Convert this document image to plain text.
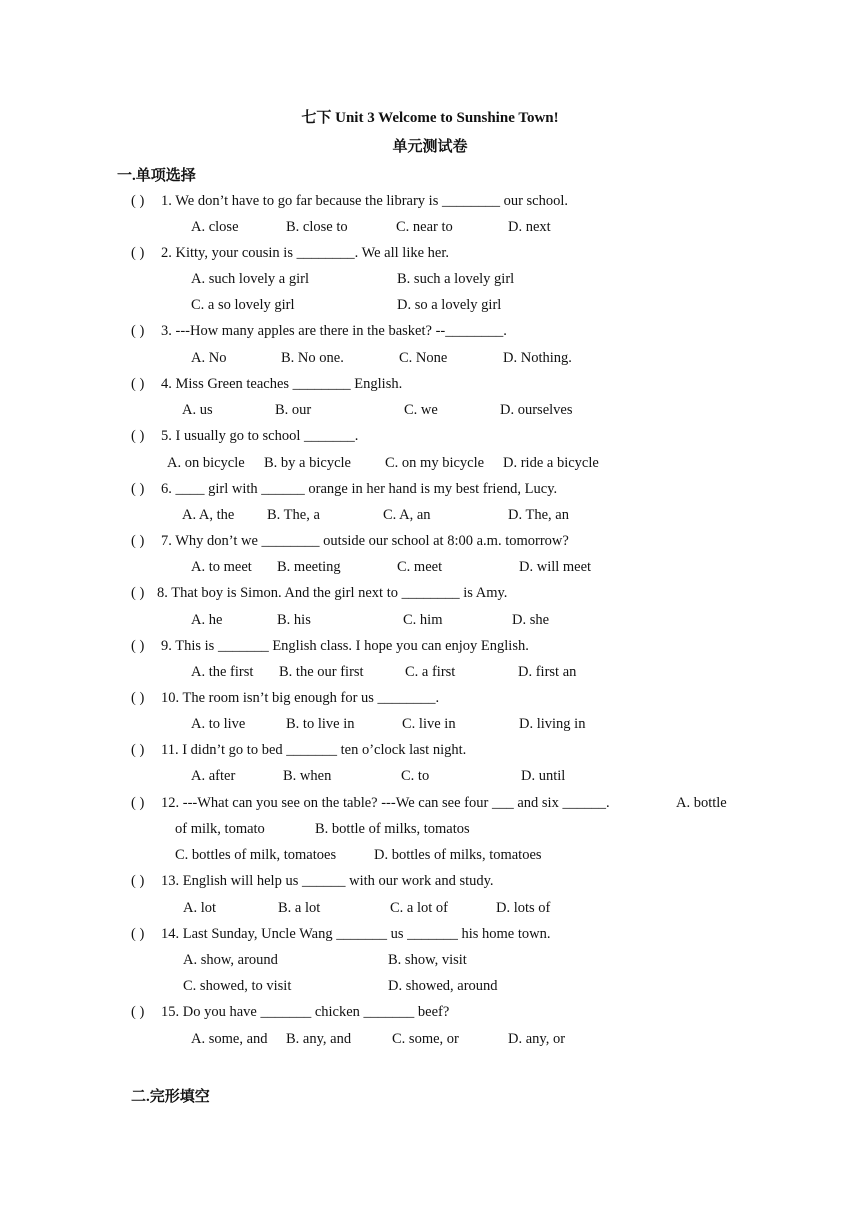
七下 Unit 3 Welcome to Sunshine Town!
单元测试卷
一.单项选择
( ) 1. We don’t have to go far because the library is ________ our school.
A. close	B. close to	C. near to	D. next
( ) 2. Kitty, your cousin is ________. We all like her.
A. such lovely a girl	B. such a lovely girl
C. a so lovely girl	D. so a lovely girl
( ) 3. ---How many apples are there in the basket? --________.
A. No	B. No one.	C. None	D. Nothing.
( ) 4. Miss Green teaches ________ English.
A. us	B. our	C. we	D. ourselves
( ) 5. I usually go to school _______.
A. on bicycle B. by a bicycle C. on my bicycle D. ride a bicycle
( ) 6. ____ girl with ______ orange in her hand is my best friend, Lucy.
A. A, the B. The, a	C. A, an	D. The, an
( ) 7. Why don’t we ________ outside our school at 8:00 a.m. tomorrow?
A. to meet B. meeting	C. meet	D. will meet
( ) 8. That boy is Simon. And the girl next to ________ is Amy.
A. he	B. his	C. him	D. she
( ) 9. This is _______ English class. I hope you can enjoy English.
A. the first B. the our first	C. a first	D. first an
( ) 10. The room isn’t big enough for us ________.
A. to live	B. to live in	C. live in	D. living in
( ) 11. I didn’t go to bed _______ ten o’clock last night.
A. after	B. when	C. to	D. until
( ) 12. ---What can you see on the table? ---We can see four ___ and six ______.	A. bottle
of milk, tomato	B. bottle of milks, tomatos
C. bottles of milk, tomatoes	D. bottles of milks, tomatoes
( ) 13. English will help us ______ with our work and study.
A. lot	B. a lot	C. a lot of	D. lots of
( ) 14. Last Sunday, Uncle Wang _______ us _______ his home town.
A. show, around	B. show, visit
C. showed, to visit	D. showed, around
( ) 15. Do you have _______ chicken _______ beef?
A. some, and B. any, and	C. some, or	D. any, or
二.完形填空
